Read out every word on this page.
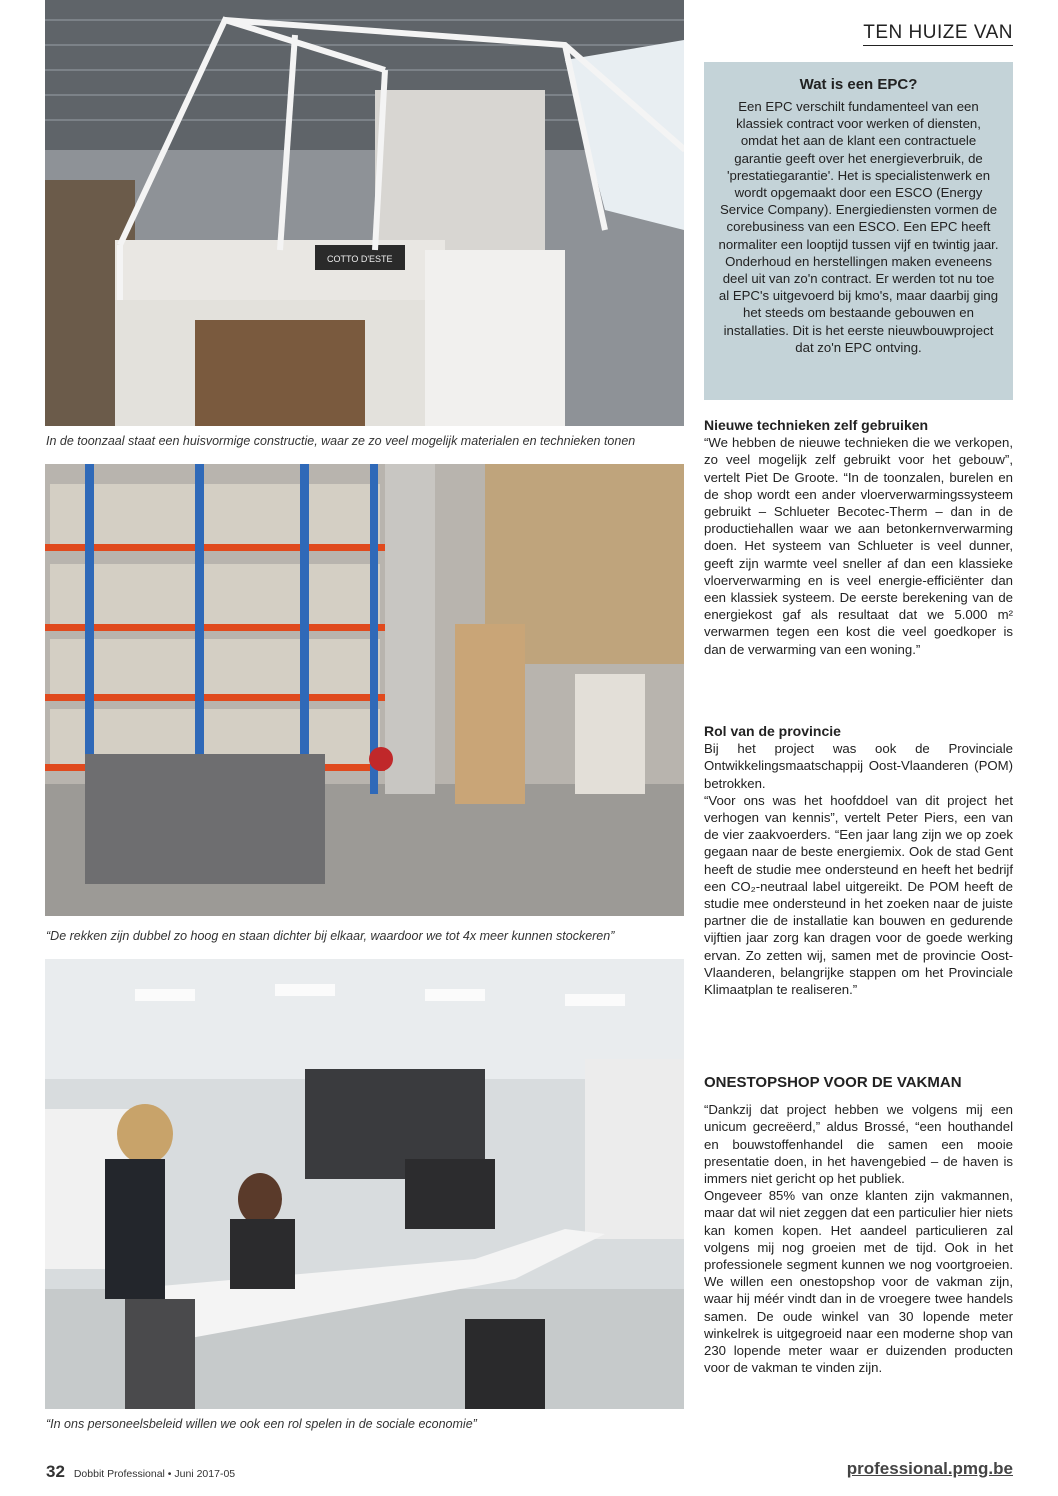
TEN HUIZE VAN
COTTO D'ESTE
In de toonzaal staat een huisvormige constructie, waar ze zo veel mogelijk materialen en technieken tonen
“De rekken zijn dubbel zo hoog en staan dichter bij elkaar, waardoor we tot 4x meer kunnen stockeren”
“In ons personeelsbeleid willen we ook een rol spelen in de sociale economie”
Wat is een EPC?

Een EPC verschilt fundamenteel van een klassiek contract voor werken of diensten, omdat het aan de klant een contractuele garantie geeft over het energieverbruik, de 'prestatiegarantie'. Het is specialistenwerk en wordt opgemaakt door een ESCO (Energy Service Company). Energiediensten vormen de corebusiness van een ESCO. Een EPC heeft normaliter een looptijd tussen vijf en twintig jaar. Onderhoud en herstellingen maken eveneens deel uit van zo'n contract. Er werden tot nu toe al EPC's uitgevoerd bij kmo's, maar daarbij ging het steeds om bestaande gebouwen en installaties. Dit is het eerste nieuwbouwproject dat zo'n EPC ontving.

Nieuwe technieken zelf gebruiken

“We hebben de nieuwe technieken die we verkopen, zo veel mogelijk zelf gebruikt voor het gebouw”, vertelt Piet De Groote. “In de toonzalen, burelen en de shop wordt een ander vloerverwarmingssysteem gebruikt – Schlueter Becotec-Therm – dan in de productiehallen waar we aan betonkernverwarming doen. Het systeem van Schlueter is veel dunner, geeft zijn warmte veel sneller af dan een klassieke vloerverwarming en is veel energie-efficiënter dan een klassiek systeem. De eerste berekening van de energiekost gaf als resultaat dat we 5.000 m² verwarmen tegen een kost die veel goedkoper is dan de verwarming van een woning.”

Rol van de provincie

Bij het project was ook de Provinciale Ontwikkelingsmaatschappij Oost-Vlaanderen (POM) betrokken.

“Voor ons was het hoofddoel van dit project het verhogen van kennis”, vertelt Peter Piers, een van de vier zaakvoerders. “Een jaar lang zijn we op zoek gegaan naar de beste energiemix. Ook de stad Gent heeft de studie mee ondersteund en heeft het bedrijf een CO₂-neutraal label uitgereikt. De POM heeft de studie mee ondersteund in het zoeken naar de juiste partner die de installatie kan bouwen en gedurende vijftien jaar zorg kan dragen voor de goede werking ervan. Zo zetten wij, samen met de provincie Oost-Vlaanderen, belangrijke stappen om het Provinciale Klimaatplan te realiseren.”

ONESTOPSHOP VOOR DE VAKMAN

“Dankzij dat project hebben we volgens mij een unicum gecreëerd,” aldus Brossé, “een houthandel en bouwstoffenhandel die samen een mooie presentatie doen, in het havengebied – de haven is immers niet gericht op het publiek.

Ongeveer 85% van onze klanten zijn vakmannen, maar dat wil niet zeggen dat een particulier hier niets kan komen kopen. Het aandeel particulieren zal volgens mij nog groeien met de tijd. Ook in het professionele segment kunnen we nog voortgroeien. We willen een onestopshop voor de vakman zijn, waar hij méér vindt dan in de vroegere twee handels samen. De oude winkel van 30 lopende meter winkelrek is uitgegroeid naar een moderne shop van 230 lopende meter waar er duizenden producten voor de vakman te vinden zijn.

32 Dobbit Professional • Juni 2017-05	professional.pmg.be
